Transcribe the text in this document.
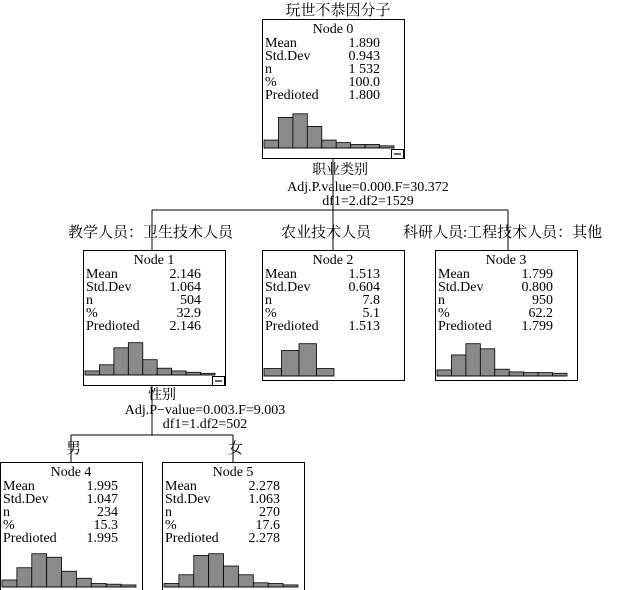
玩世不恭因分子
职业类别
Adj.P.value=0.000.F=30.372
df1=2.df2=1529
教学人员：卫生技术人员	农业技术人员 科研人员:工程技术人员：其他
性别
Adj.P−value=0.003.F=9.003
df1=1.df2=502
男	女
Node 0
Mean	1.890
Std.Dev	0.943
n	1 532
%	100.0
Prediοted 1.800
Node 1
Mean	2.146
Std.Dev	1.064
n	504
%	32.9
Prediοted 2.146
Node 2
Mean	1.513
Std.Dev	0.604
n	7.8
%	5.1
Prediοted 1.513
Node 3
Mean	1.799
Std.Dev	0.800
n	950
%	62.2
Prediοted 1.799
Node 4
Mean	1.995
Std.Dev	1.047
n	234
%	15.3
Prediοted 1.995
Node 5
Mean	2.278
Std.Dev	1.063
n	270
%	17.6
Prediοted 2.278
